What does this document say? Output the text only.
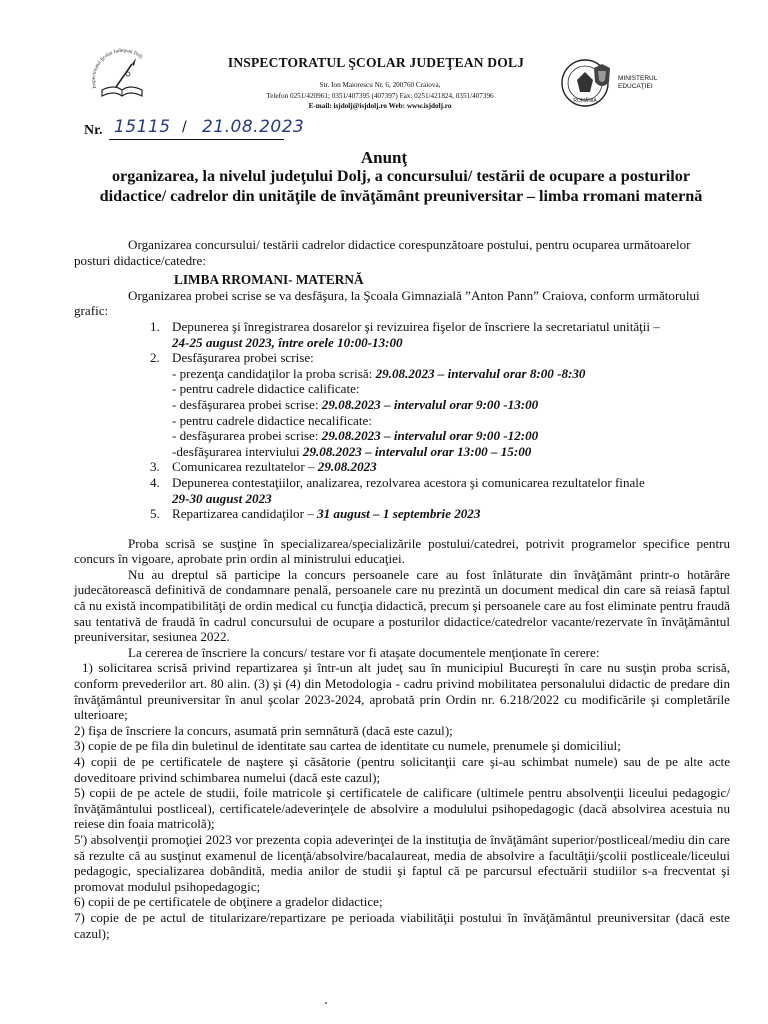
Inspectoratul Şcolar Judeţean Dolj	INSPECTORATUL ŞCOLAR JUDEŢEAN DOLJ
Str. Ion Maiorescu Nr. 6, 200760 Craiova,
Telefon 0251/420961; 0351/407395 (407397) Fax: 0251/421824, 0351/407396
E-mail: isjdolj@isjdolj.ro Web: www.isjdolj.ro
ROMÂNIA
MINISTERUL EDUCAŢIEI
Nr. 15115 / 21.08.2023
Anunţ
organizarea, la nivelul judeţului Dolj, a concursului/ testării de ocupare a posturilor didactice/ cadrelor din unităţile de învăţământ preuniversitar – limba rromani maternă

Organizarea concursului/ testării cadrelor didactice corespunzătoare postului, pentru ocuparea următoarelor posturi didactice/catedre:

LIMBA RROMANI- MATERNĂ

Organizarea probei scrise se va desfăşura, la Şcoala Gimnazială ”Anton Pann” Craiova, conform următorului grafic:

1. Depunerea şi înregistrarea dosarelor şi revizuirea fişelor de înscriere la secretariatul unităţii –
24-25 august 2023, între orele 10:00-13:00
2. Desfăşurarea probei scrise:
- prezenţa candidaţilor la proba scrisă: 29.08.2023 – intervalul orar 8:00 -8:30
- pentru cadrele didactice calificate:
- desfăşurarea probei scrise: 29.08.2023 – intervalul orar 9:00 -13:00
- pentru cadrele didactice necalificate:
- desfăşurarea probei scrise: 29.08.2023 – intervalul orar 9:00 -12:00
-desfăşurarea interviului 29.08.2023 – intervalul orar 13:00 – 15:00
3. Comunicarea rezultatelor – 29.08.2023
4. Depunerea contestaţiilor, analizarea, rezolvarea acestora şi comunicarea rezultatelor finale
29-30 august 2023
5. Repartizarea candidaţilor – 31 august – 1 septembrie 2023

Proba scrisă se susţine în specializarea/specializările postului/catedrei, potrivit programelor specifice pentru concurs în vigoare, aprobate prin ordin al ministrului educaţiei.

Nu au dreptul să participe la concurs persoanele care au fost înlăturate din învăţământ printr-o hotărâre judecătorească definitivă de condamnare penală, persoanele care nu prezintă un document medical din care să reiasă faptul că nu există incompatibilităţi de ordin medical cu funcţia didactică, precum şi persoanele care au fost eliminate pentru fraudă sau tentativă de fraudă în cadrul concursului de ocupare a posturilor didactice/catedrelor vacante/rezervate în învăţământul preuniversitar, sesiunea 2022.

La cererea de înscriere la concurs/ testare vor fi ataşate documentele menţionate în cerere:

1) solicitarea scrisă privind repartizarea şi într-un alt judeţ sau în municipiul Bucureşti în care nu susţin proba scrisă, conform prevederilor art. 80 alin. (3) şi (4) din Metodologia - cadru privind mobilitatea personalului didactic de predare din învăţământul preuniversitar în anul şcolar 2023-2024, aprobată prin Ordin nr. 6.218/2022 cu modificările şi completările ulterioare;

2) fişa de înscriere la concurs, asumată prin semnătură (dacă este cazul);

3) copie de pe fila din buletinul de identitate sau cartea de identitate cu numele, prenumele şi domiciliul;

4) copii de pe certificatele de naştere şi căsătorie (pentru solicitanţii care şi-au schimbat numele) sau de pe alte acte doveditoare privind schimbarea numelui (dacă este cazul);

5) copii de pe actele de studii, foile matricole şi certificatele de calificare (ultimele pentru absolvenţii liceului pedagogic/învăţământului postliceal), certificatele/adeverinţele de absolvire a modulului psihopedagogic (dacă absolvirea acestuia nu reiese din foaia matricolă);

5') absolvenţii promoţiei 2023 vor prezenta copia adeverinţei de la instituţia de învăţământ superior/postliceal/mediu din care să rezulte că au susţinut examenul de licenţă/absolvire/bacalaureat, media de absolvire a facultăţii/şcolii postliceale/liceului pedagogic, specializarea dobândită, media anilor de studii şi faptul că pe parcursul efectuării studiilor s-a frecventat şi promovat modulul psihopedagogic;

6) copii de pe certificatele de obţinere a gradelor didactice;

7) copie de pe actul de titularizare/repartizare pe perioada viabilităţii postului în învăţământul preuniversitar (dacă este cazul);
